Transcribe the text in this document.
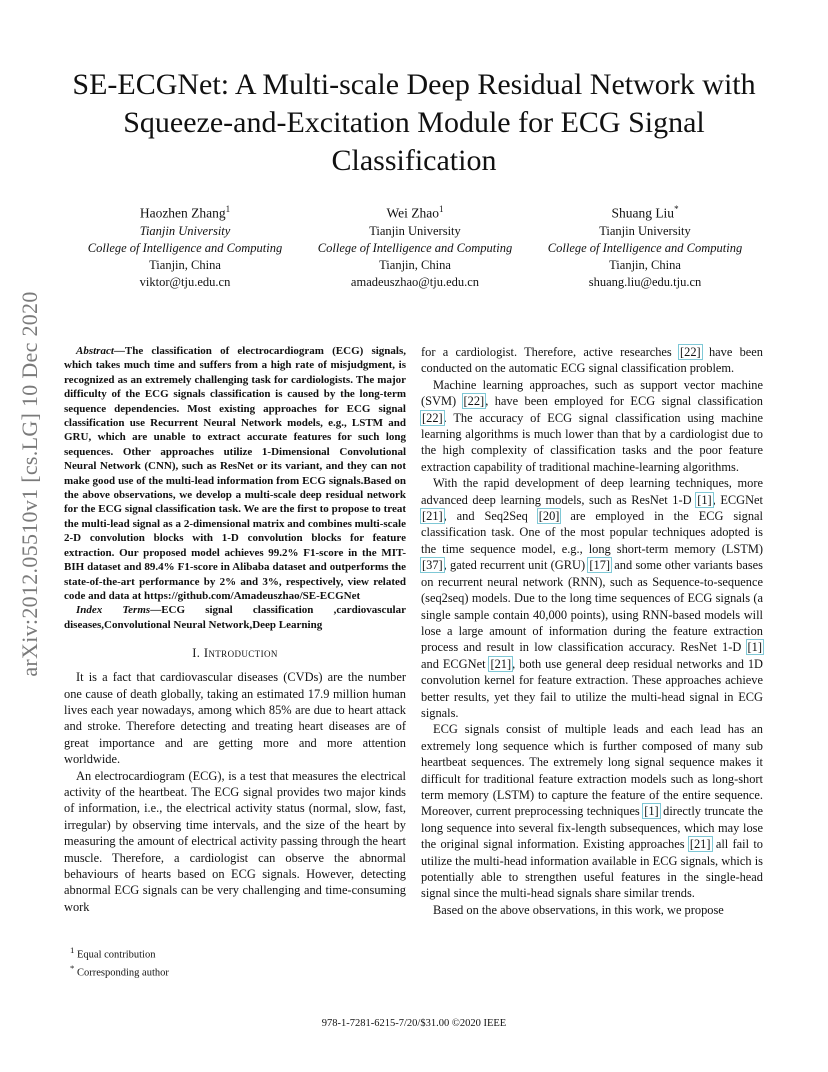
arXiv:2012.05510v1 [cs.LG] 10 Dec 2020
SE-ECGNet: A Multi-scale Deep Residual Network with Squeeze-and-Excitation Module for ECG Signal Classification
Haozhen Zhang$^1$
Tianjin University
College of Intelligence and Computing
Tianjin, China
viktor@tju.edu.cn
Wei Zhao$^1$
Tianjin University
College of Intelligence and Computing
Tianjin, China
amadeuszhao@tju.edu.cn
Shuang Liu*
Tianjin University
College of Intelligence and Computing
Tianjin, China
shuang.liu@edu.tju.cn

Abstract—The classification of electrocardiogram (ECG) signals, which takes much time and suffers from a high rate of misjudgment, is recognized as an extremely challenging task for cardiologists. The major difficulty of the ECG signals classification is caused by the long-term sequence dependencies. Most existing approaches for ECG signal classification use Recurrent Neural Network models, e.g., LSTM and GRU, which are unable to extract accurate features for such long sequences. Other approaches utilize 1-Dimensional Convolutional Neural Network (CNN), such as ResNet or its variant, and they can not make good use of the multi-lead information from ECG signals.Based on the above observations, we develop a multi-scale deep residual network for the ECG signal classification task. We are the first to propose to treat the multi-lead signal as a 2-dimensional matrix and combines multi-scale 2-D convolution blocks with 1-D convolution blocks for feature extraction. Our proposed model achieves 99.2% F1-score in the MIT-BIH dataset and 89.4% F1-score in Alibaba dataset and outperforms the state-of-the-art performance by 2% and 3%, respectively, view related code and data at https://github.com/Amadeuszhao/SE-ECGNet

Index Terms—ECG signal classification ,cardiovascular diseases,Convolutional Neural Network,Deep Learning

I. Introduction

It is a fact that cardiovascular diseases (CVDs) are the number one cause of death globally, taking an estimated 17.9 million human lives each year nowadays, among which 85% are due to heart attack and stroke. Therefore detecting and treating heart diseases are of great importance and are getting more and more attention worldwide.

An electrocardiogram (ECG), is a test that measures the electrical activity of the heartbeat. The ECG signal provides two major kinds of information, i.e., the electrical activity status (normal, slow, fast, irregular) by observing time intervals, and the size of the heart by measuring the amount of electrical activity passing through the heart muscle. Therefore, a cardiologist can observe the abnormal behaviours of hearts based on ECG signals. However, detecting abnormal ECG signals can be very challenging and time-consuming work

for a cardiologist. Therefore, active researches [22] have been conducted on the automatic ECG signal classification problem.

Machine learning approaches, such as support vector machine (SVM) [22], have been employed for ECG signal classification [22]. The accuracy of ECG signal classification using machine learning algorithms is much lower than that by a cardiologist due to the high complexity of classification tasks and the poor feature extraction capability of traditional machine-learning algorithms.

With the rapid development of deep learning techniques, more advanced deep learning models, such as ResNet 1-D [1], ECGNet [21], and Seq2Seq [20] are employed in the ECG signal classification task. One of the most popular techniques adopted is the time sequence model, e.g., long short-term memory (LSTM) [37], gated recurrent unit (GRU) [17] and some other variants bases on recurrent neural network (RNN), such as Sequence-to-sequence (seq2seq) models. Due to the long time sequences of ECG signals (a single sample contain 40,000 points), using RNN-based models will lose a large amount of information during the feature extraction process and result in low classification accuracy. ResNet 1-D [1] and ECGNet [21], both use general deep residual networks and 1D convolution kernel for feature extraction. These approaches achieve better results, yet they fail to utilize the multi-head signal in ECG signals.

ECG signals consist of multiple leads and each lead has an extremely long sequence which is further composed of many sub heartbeat sequences. The extremely long signal sequence makes it difficult for traditional feature extraction models such as long-short term memory (LSTM) to capture the feature of the entire sequence. Moreover, current preprocessing techniques [1] directly truncate the long sequence into several fix-length subsequences, which may lose the original signal information. Existing approaches [21] all fail to utilize the multi-head information available in ECG signals, which is potentially able to strengthen useful features in the single-head signal since the multi-head signals share similar trends.

Based on the above observations, in this work, we propose

$^1$ Equal contribution
* Corresponding author
978-1-7281-6215-7/20/$31.00 ©2020 IEEE
